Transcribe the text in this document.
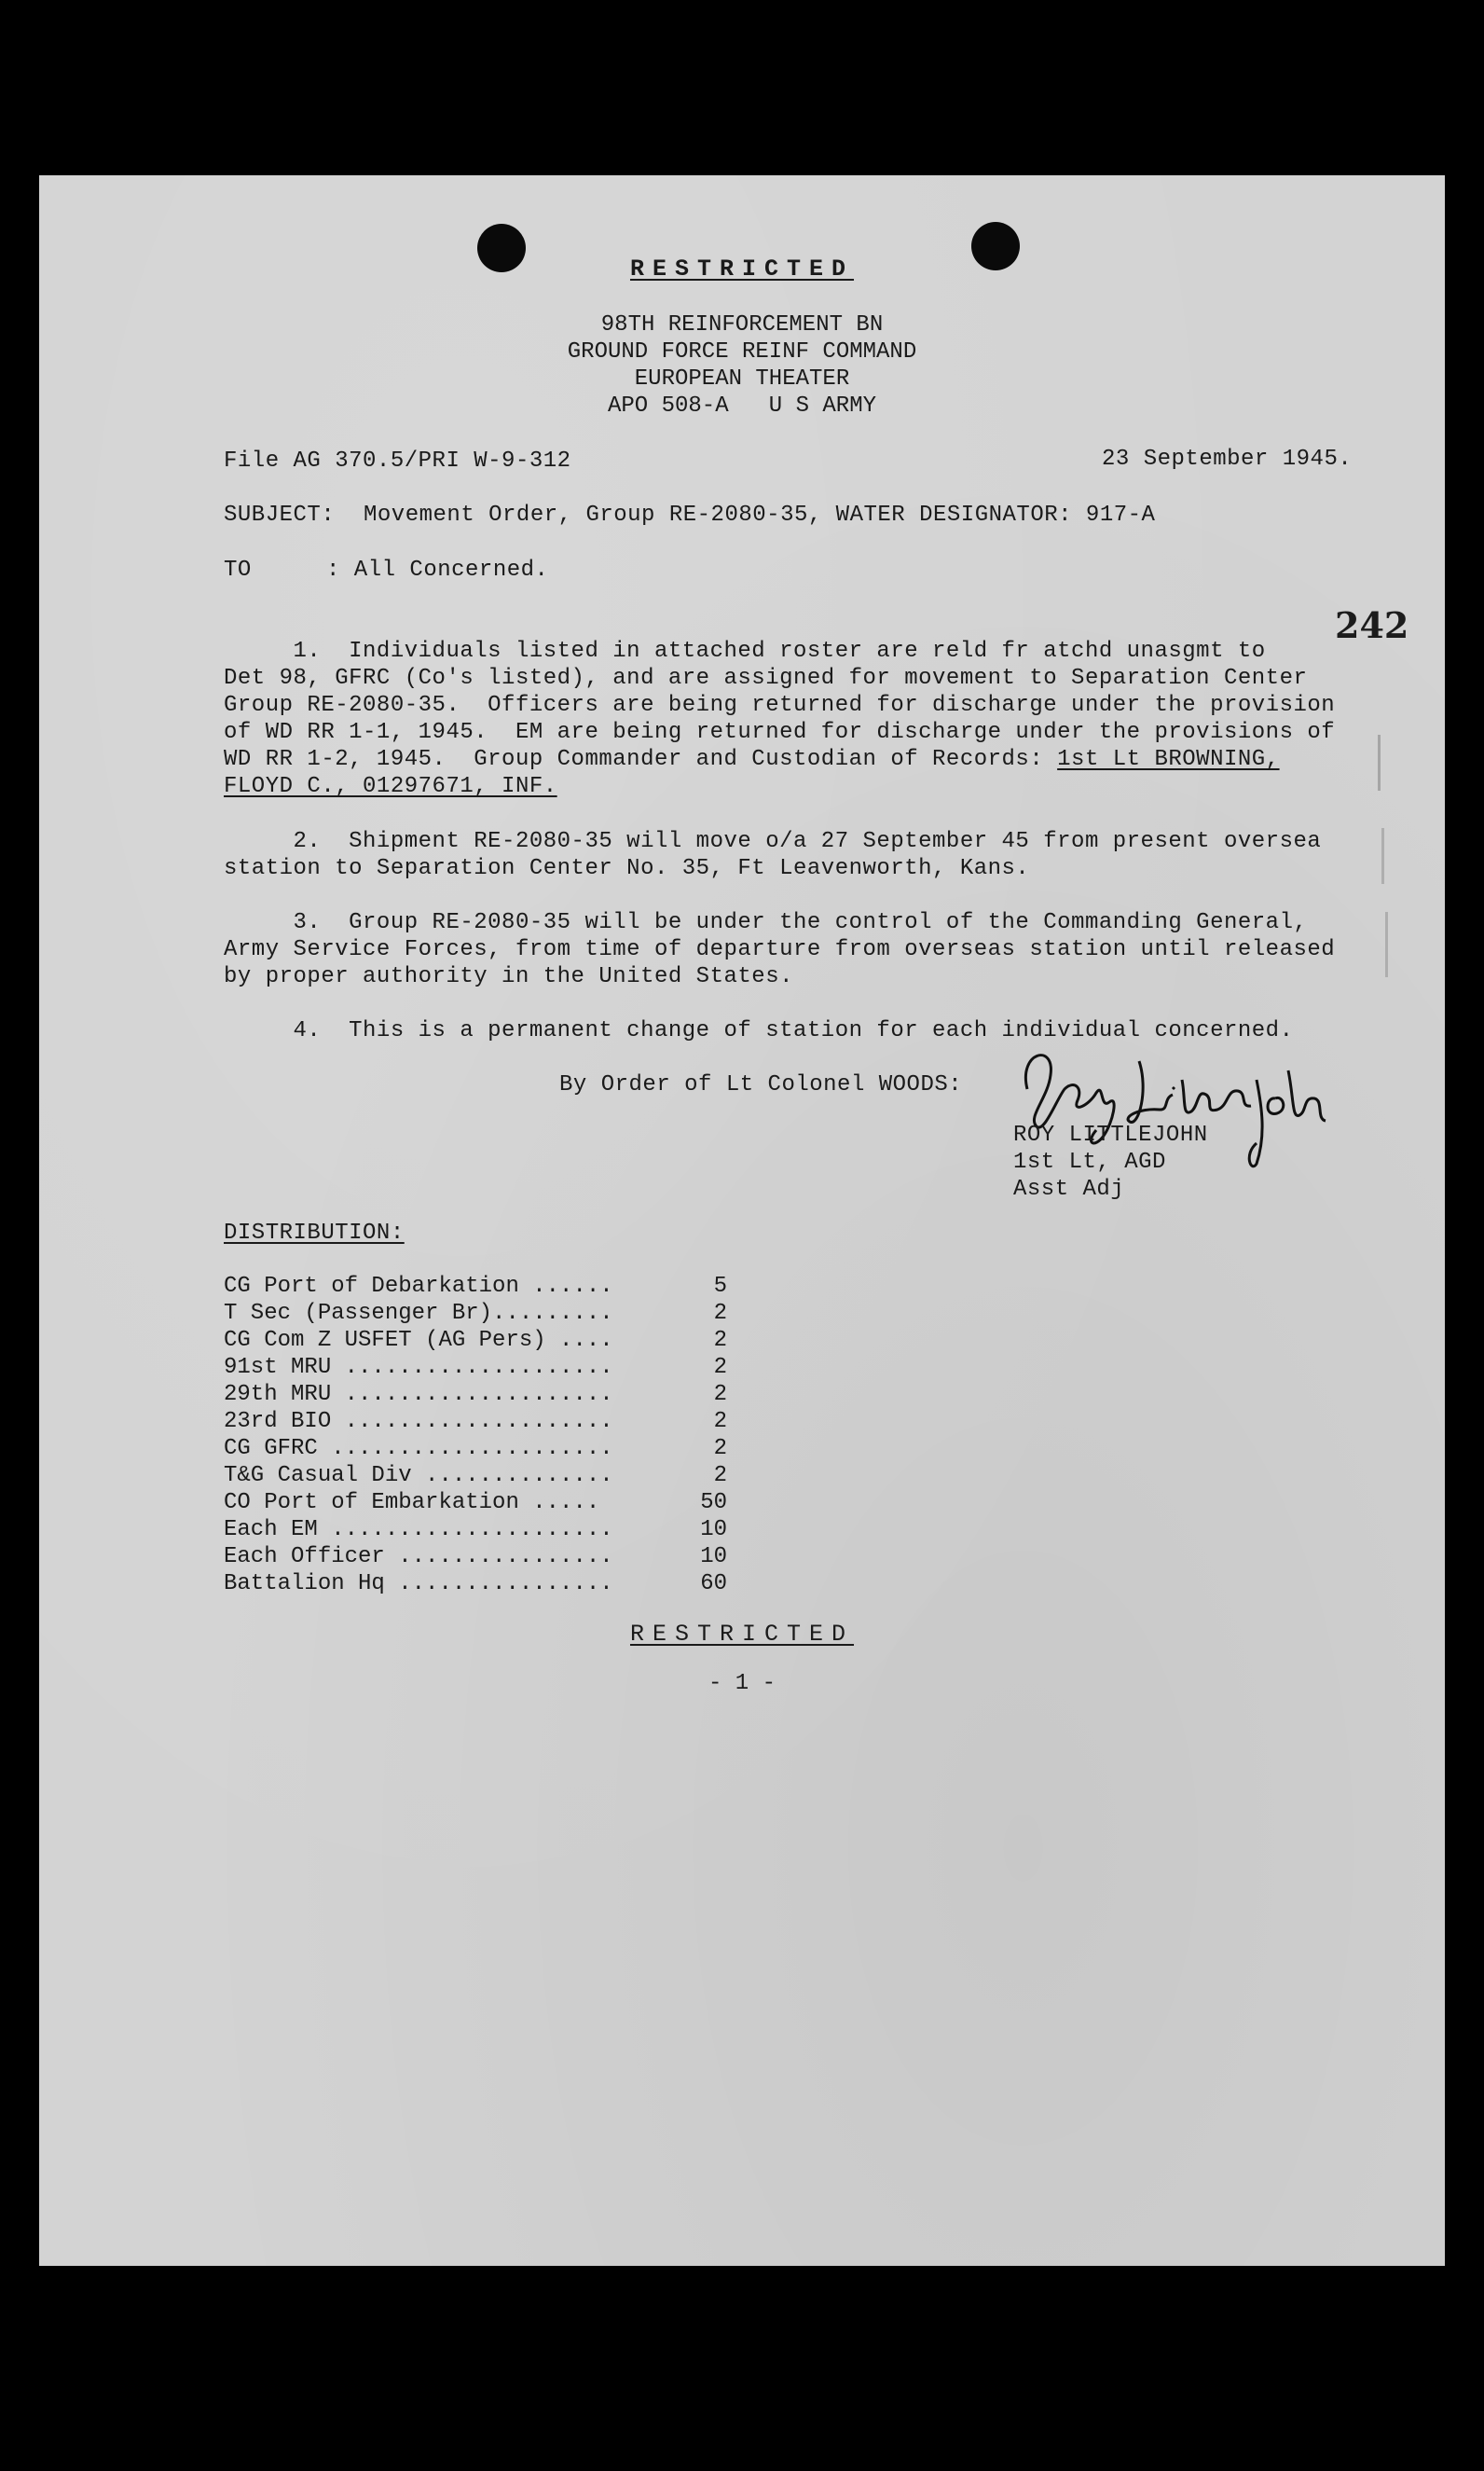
RESTRICTED
98TH REINFORCEMENT BN
GROUND FORCE REINF COMMAND
EUROPEAN THEATER
APO 508-A   U S ARMY
File AG 370.5/PRI W-9-312	23 September 1945.
SUBJECT: Movement Order, Group RE-2080-35, WATER DESIGNATOR: 917-A
TO	: All Concerned.
242
1.  Individuals listed in attached roster are reld fr atchd unasgmt to
Det 98, GFRC (Co's listed), and are assigned for movement to Separation Center
Group RE-2080-35.  Officers are being returned for discharge under the provision
of WD RR 1-1, 1945.  EM are being returned for discharge under the provisions of
WD RR 1-2, 1945.  Group Commander and Custodian of Records: 1st Lt BROWNING,
FLOYD C., 01297671, INF.
2.  Shipment RE-2080-35 will move o/a 27 September 45 from present oversea
station to Separation Center No. 35, Ft Leavenworth, Kans.
3.  Group RE-2080-35 will be under the control of the Commanding General,
Army Service Forces, from time of departure from overseas station until released
by proper authority in the United States.
4.  This is a permanent change of station for each individual concerned.
By Order of Lt Colonel WOODS:
ROY LITTLEJOHN
1st Lt, AGD
Asst Adj
DISTRIBUTION:
CG Port of Debarkation ......	5
T Sec (Passenger Br).........	2
CG Com Z USFET (AG Pers) ....	2
91st MRU ....................	2
29th MRU ....................	2
23rd BIO ....................	2
CG GFRC .....................	2
T&G Casual Div ..............	2
CO Port of Embarkation .....	50
Each EM .....................	10
Each Officer ................	10
Battalion Hq ................	60
RESTRICTED
- 1 -
